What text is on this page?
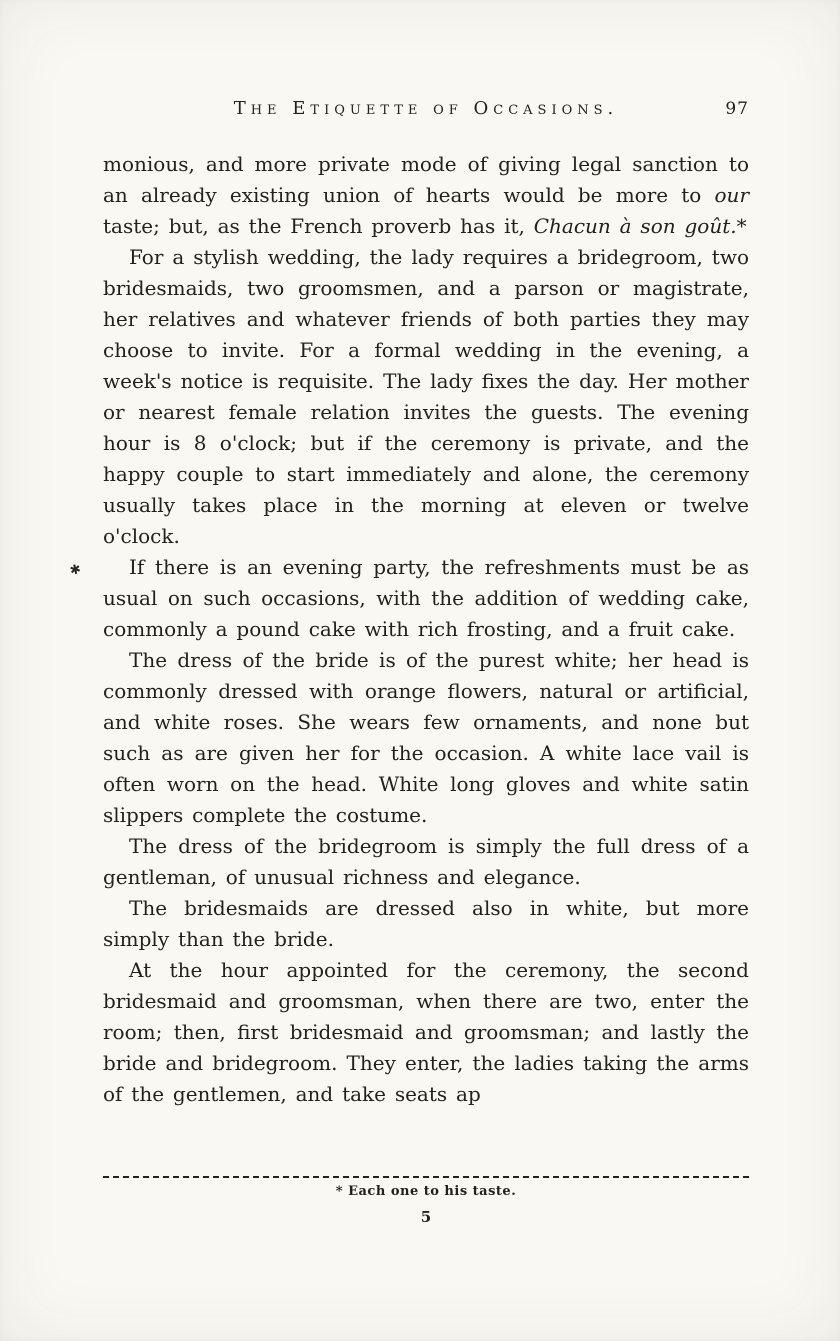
The Etiquette of Occasions.	97

monious, and more private mode of giving legal sanction to an already existing union of hearts would be more to our taste; but, as the French proverb has it, Chacun à son goût.*

For a stylish wedding, the lady requires a bridegroom, two bridesmaids, two groomsmen, and a parson or magistrate, her relatives and whatever friends of both parties they may choose to invite. For a formal wedding in the evening, a week's notice is requisite. The lady fixes the day. Her mother or nearest female relation invites the guests. The evening hour is 8 o'clock; but if the ceremony is private, and the happy couple to start immediately and alone, the ceremony usually takes place in the morning at eleven or twelve o'clock.

If there is an evening party, the refreshments must be as usual on such occasions, with the addition of wedding cake, commonly a pound cake with rich frosting, and a fruit cake.

The dress of the bride is of the purest white; her head is commonly dressed with orange flowers, natural or artificial, and white roses. She wears few ornaments, and none but such as are given her for the occasion. A white lace vail is often worn on the head. White long gloves and white satin slippers complete the costume.

The dress of the bridegroom is simply the full dress of a gentleman, of unusual richness and elegance.

The bridesmaids are dressed also in white, but more simply than the bride.

At the hour appointed for the ceremony, the second bridesmaid and groomsman, when there are two, enter the room; then, first bridesmaid and groomsman; and lastly the bride and bridegroom. They enter, the ladies taking the arms of the gentlemen, and take seats ap

✱
* Each one to his taste.
5
